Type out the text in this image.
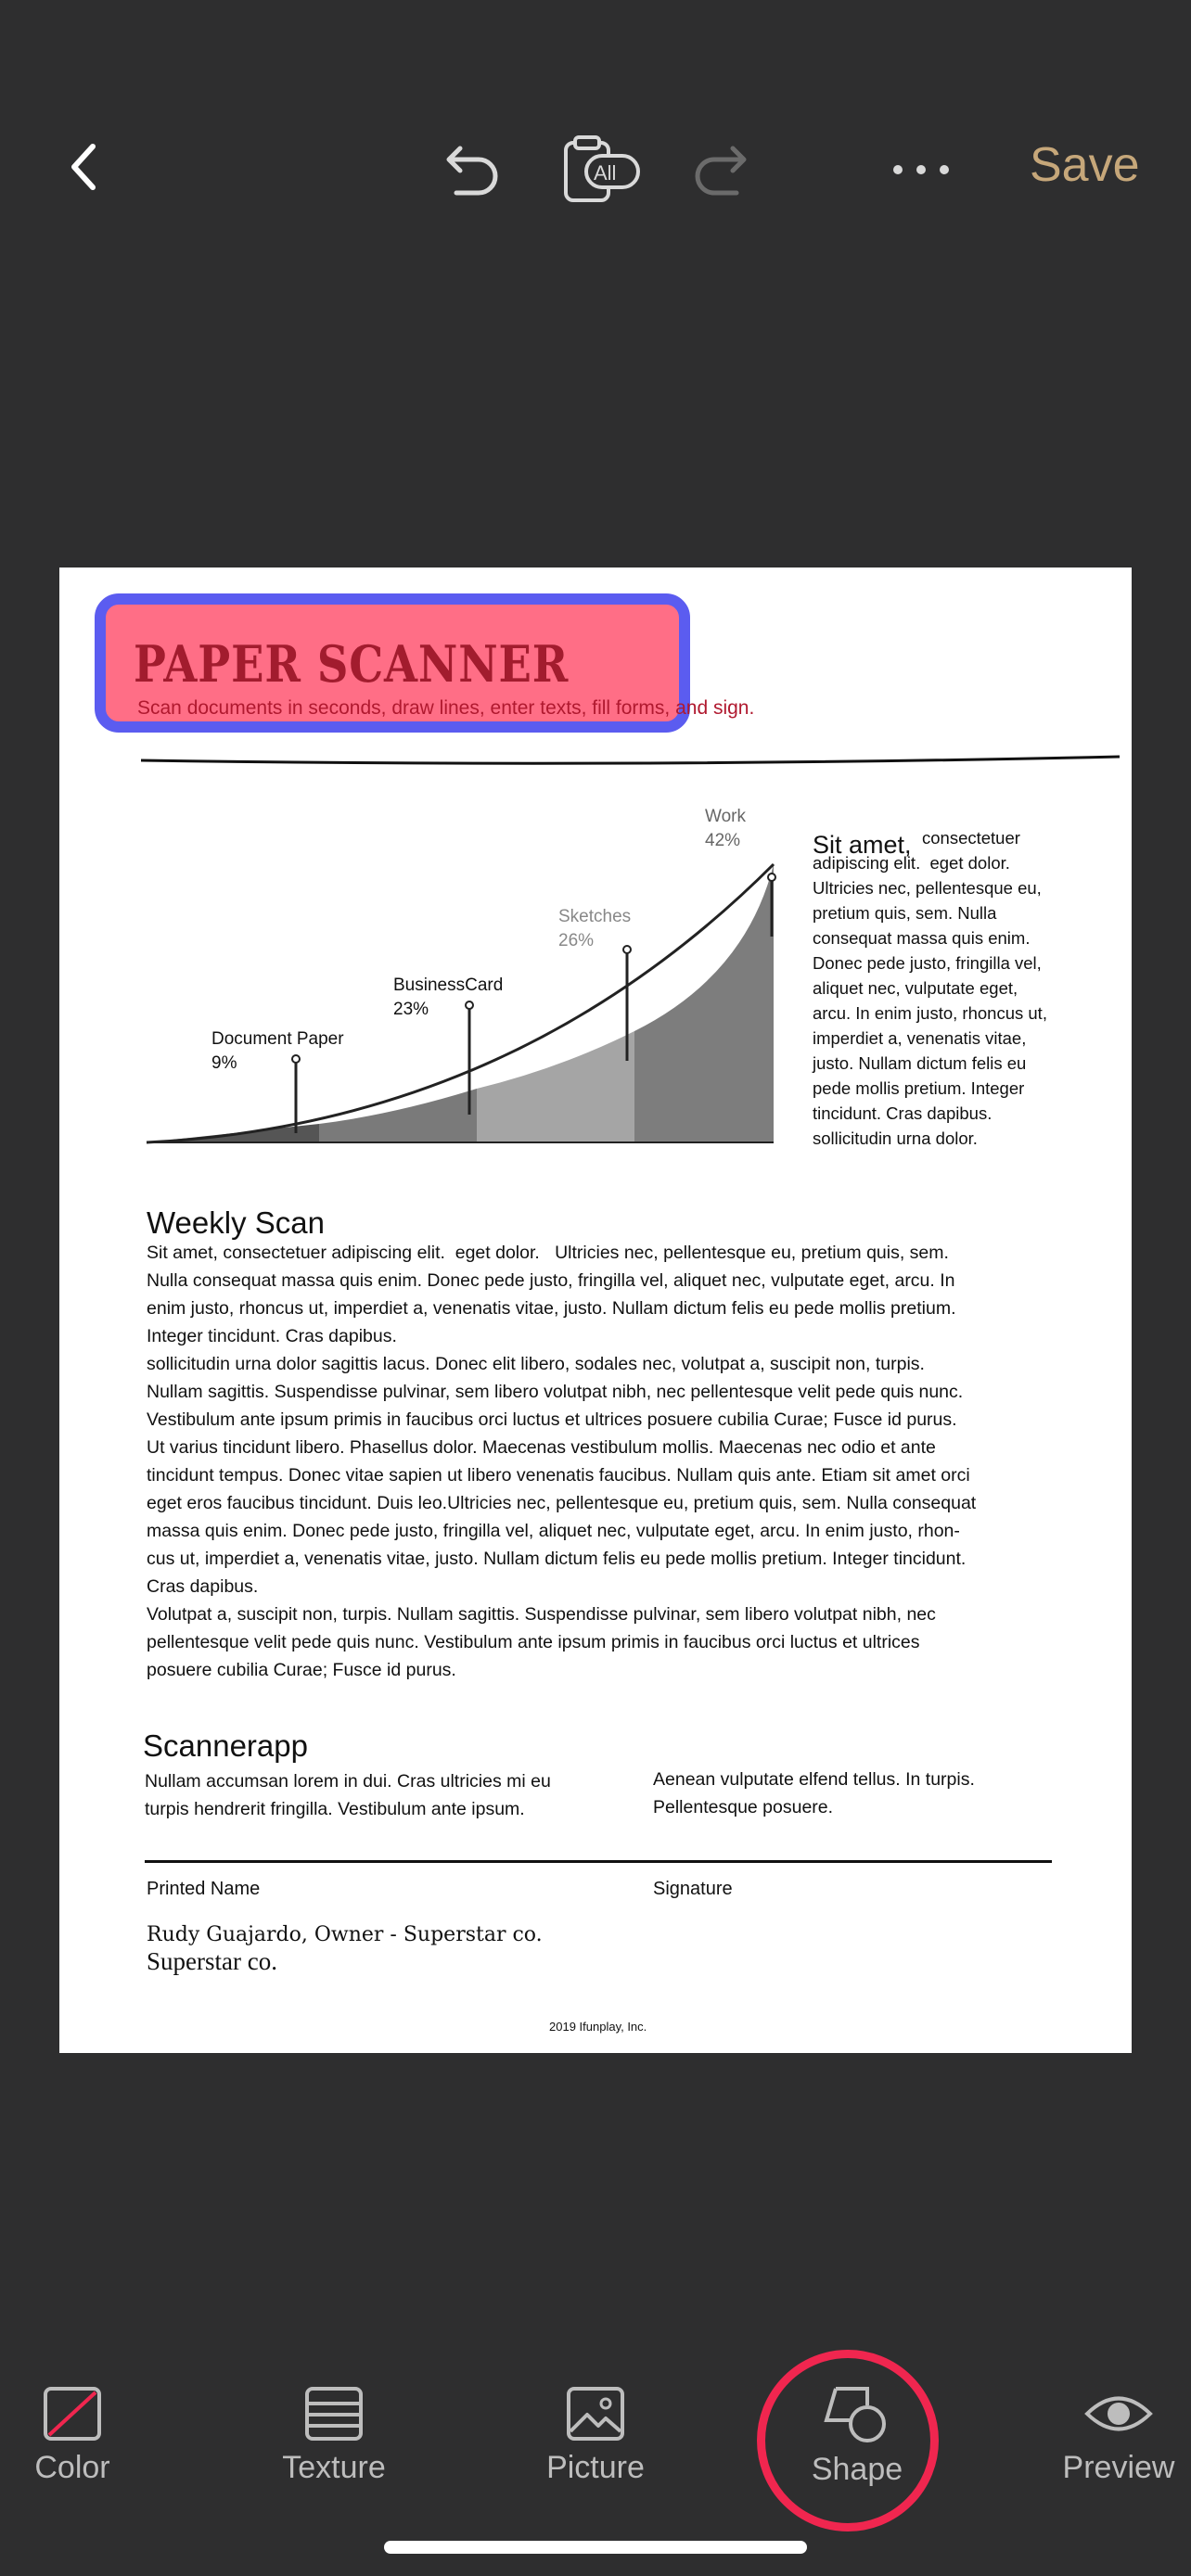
All	Save
PAPER SCANNER
Scan documents in seconds, draw lines, enter texts, fill forms, and sign.
Document Paper
9%
BusinessCard
23%
Sketches
26%
Work
42%	Sit amet, consectetuer
adipiscing elit.  eget dolor.
Ultricies nec, pellentesque eu,
pretium quis, sem. Nulla
consequat massa quis enim.
Donec pede justo, fringilla vel,
aliquet nec, vulputate eget,
arcu. In enim justo, rhoncus ut,
imperdiet a, venenatis vitae,
justo. Nullam dictum felis eu
pede mollis pretium. Integer
tincidunt. Cras dapibus.
sollicitudin urna dolor.
Weekly Scan
Sit amet, consectetuer adipiscing elit.  eget dolor.   Ultricies nec, pellentesque eu, pretium quis, sem.
Nulla consequat massa quis enim. Donec pede justo, fringilla vel, aliquet nec, vulputate eget, arcu. In
enim justo, rhoncus ut, imperdiet a, venenatis vitae, justo. Nullam dictum felis eu pede mollis pretium.
Integer tincidunt. Cras dapibus.
sollicitudin urna dolor sagittis lacus. Donec elit libero, sodales nec, volutpat a, suscipit non, turpis.
Nullam sagittis. Suspendisse pulvinar, sem libero volutpat nibh, nec pellentesque velit pede quis nunc.
Vestibulum ante ipsum primis in faucibus orci luctus et ultrices posuere cubilia Curae; Fusce id purus.
Ut varius tincidunt libero. Phasellus dolor. Maecenas vestibulum mollis. Maecenas nec odio et ante
tincidunt tempus. Donec vitae sapien ut libero venenatis faucibus. Nullam quis ante. Etiam sit amet orci
eget eros faucibus tincidunt. Duis leo.Ultricies nec, pellentesque eu, pretium quis, sem. Nulla consequat
massa quis enim. Donec pede justo, fringilla vel, aliquet nec, vulputate eget, arcu. In enim justo, rhon-
cus ut, imperdiet a, venenatis vitae, justo. Nullam dictum felis eu pede mollis pretium. Integer tincidunt.
Cras dapibus.
Volutpat a, suscipit non, turpis. Nullam sagittis. Suspendisse pulvinar, sem libero volutpat nibh, nec
pellentesque velit pede quis nunc. Vestibulum ante ipsum primis in faucibus orci luctus et ultrices
posuere cubilia Curae; Fusce id purus.
Scannerapp
Nullam accumsan lorem in dui. Cras ultricies mi eu
turpis hendrerit fringilla. Vestibulum ante ipsum.
Aenean vulputate elfend tellus. In turpis.
Pellentesque posuere.
Printed Name	Signature
Rudy Guajardo, Owner - Superstar co.
Superstar co.
2019 Ifunplay, Inc.
Color	Texture	Picture	Shape	Preview
